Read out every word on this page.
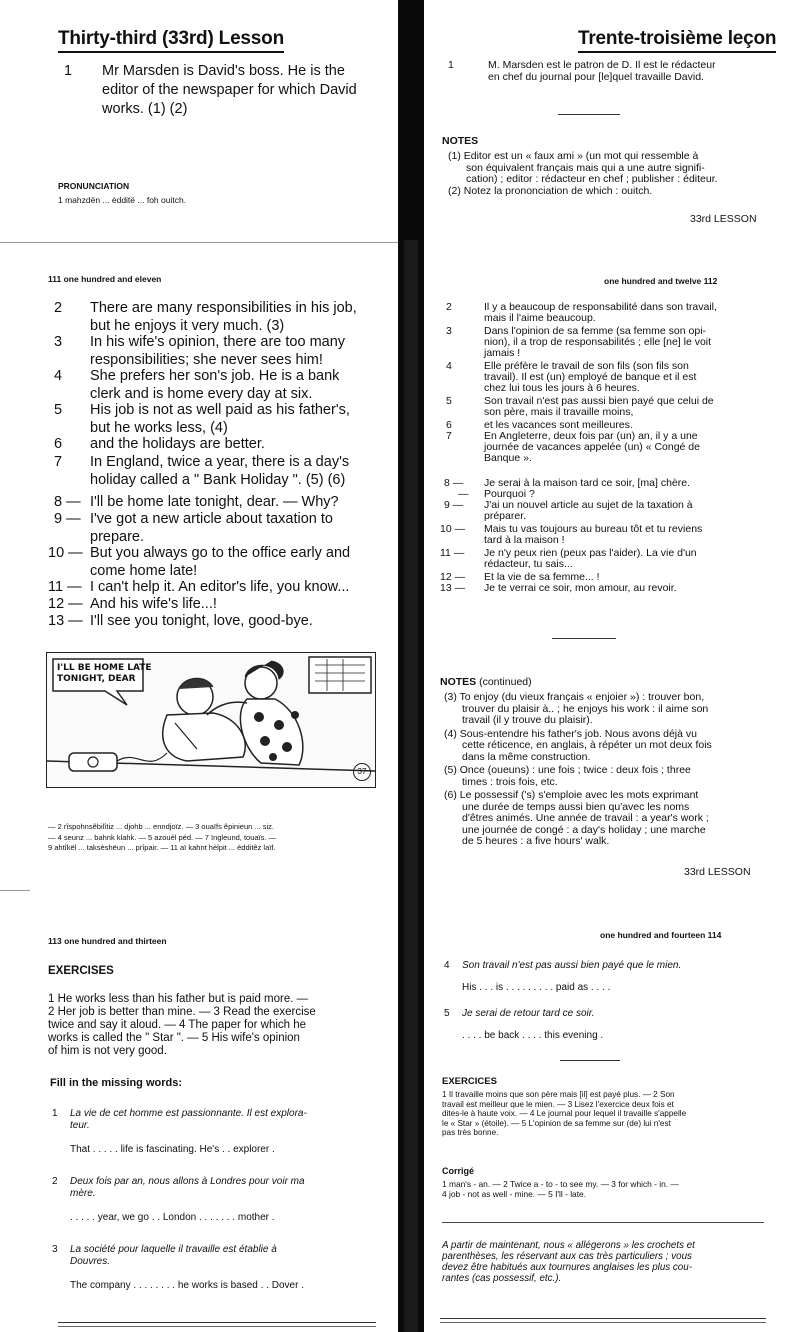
Thirty-third (33rd) Lesson
1 Mr Marsden is David's boss. He is the
editor of the newspaper for which David
works. (1) (2)
PRONUNCIATION
1 mahzdën ... èdditë ... foh ouitch.
111 one hundred and eleven
2 There are many responsibilities in his job,
but he enjoys it very much. (3)
3 In his wife's opinion, there are too many
responsibilities; she never sees him!
4 She prefers her son's job. He is a bank
clerk and is home every day at six.
5 His job is not as well paid as his father's,
but he works less, (4)
6 and the holidays are better.
7 In England, twice a year, there is a day's
holiday called a " Bank Holiday ". (5) (6)
8 — I'll be home late tonight, dear. — Why?
9 — I've got a new article about taxation to
prepare.
10 — But you always go to the office early and
come home late!
11 — I can't help it. An editor's life, you know...
12 — And his wife's life...!
13 — I'll see you tonight, love, good-bye.
I'LL BE HOME LATE
TONIGHT, DEAR
37
— 2 rîspohnsêbilîtiz ... djohb ... enndjoïz. — 3 ouaïfs êpinieun ... siz.
— 4 seunz ... bahnk klahk. — 5 azouèl péd. — 7 ïngleund, touaïs. —
9 ahtîkël ... taksèshëun ... prîpair. — 11 aï kahnt hèlpit ... èdditêz laïf.
113 one hundred and thirteen
EXERCISES
1 He works less than his father but is paid more. —
2 Her job is better than mine. — 3 Read the exercise
twice and say it aloud. — 4 The paper for which he
works is called the " Star ". — 5 His wife's opinion
of him is not very good.
Fill in the missing words:
1 La vie de cet homme est passionnante. Il est explora-
teur.
That . . . . . life is fascinating. He's . . explorer .
2 Deux fois par an, nous allons à Londres pour voir ma
mère.
. . . . . year, we go . . London . . . . . . . mother .
3 La société pour laquelle il travaille est établie à
Douvres.
The company . . . . . . . . he works is based . . Dover .
Trente-troisième leçon
1	M. Marsden est le patron de D. Il est le rédacteur
en chef du journal pour [le]quel travaille David.
NOTES
(1) Editor est un « faux ami » (un mot qui ressemble à
son équivalent français mais qui a une autre signifi-
cation) ; editor : rédacteur en chef ; publisher : éditeur.
(2) Notez la prononciation de which : ouitch.
33rd LESSON
one hundred and twelve 112
2	Il y a beaucoup de responsabilité dans son travail,
mais il l'aime beaucoup.
3	Dans l'opinion de sa femme (sa femme son opi-
nion), il a trop de responsabilités ; elle [ne] le voit
jamais !
4	Elle préfère le travail de son fils (son fils son
travail). Il est (un) employé de banque et il est
chez lui tous les jours à 6 heures.
5	Son travail n'est pas aussi bien payé que celui de
son père, mais il travaille moins,
6	et les vacances sont meilleures.
7	En Angleterre, deux fois par (un) an, il y a une
journée de vacances appelée (un) « Congé de
Banque ».
8 — Je serai à la maison tard ce soir, [ma] chère.
— Pourquoi ?
9 — J'ai un nouvel article au sujet de la taxation à
préparer.
10 — Mais tu vas toujours au bureau tôt et tu reviens
tard à la maison !
11 — Je n'y peux rien (peux pas l'aider). La vie d'un
rédacteur, tu sais...
12 — Et la vie de sa femme... !
13 — Je te verrai ce soir, mon amour, au revoir.
NOTES (continued)
(3) To enjoy (du vieux français « enjoier ») : trouver bon,
trouver du plaisir à.. ; he enjoys his work : il aime son
travail (il y trouve du plaisir).
(4) Sous-entendre his father's job. Nous avons déjà vu
cette réticence, en anglais, à répéter un mot deux fois
dans la même construction.
(5) Once (oueuns) : une fois ; twice : deux fois ; three
times : trois fois, etc.
(6) Le possessif ('s) s'emploie avec les mots exprimant
une durée de temps aussi bien qu'avec les noms
d'êtres animés. Une année de travail : a year's work ;
une journée de congé : a day's holiday ; une marche
de 5 heures : a five hours' walk.
33rd LESSON
one hundred and fourteen 114
4 Son travail n'est pas aussi bien payé que le mien.
His . . . is . . . . . . . . . paid as . . . .
5 Je serai de retour tard ce soir.
. . . . be back . . . . this evening .
EXERCICES
1 Il travaille moins que son père mais [il] est payé plus. — 2 Son
travail est meilleur que le mien. — 3 Lisez l'exercice deux fois et
dites-le à haute voix. — 4 Le journal pour lequel il travaille s'appelle
le « Star » (étoile). — 5 L'opinion de sa femme sur (de) lui n'est
pas très bonne.
Corrigé
1 man's - an. — 2 Twice a - to - to see my. — 3 for which - in. —
4 job - not as well - mine. — 5 I'll - late.
A partir de maintenant, nous « allégerons » les crochets et
parenthèses, les réservant aux cas très particuliers ; vous
devez être habitués aux tournures anglaises les plus cou-
rantes (cas possessif, etc.).
